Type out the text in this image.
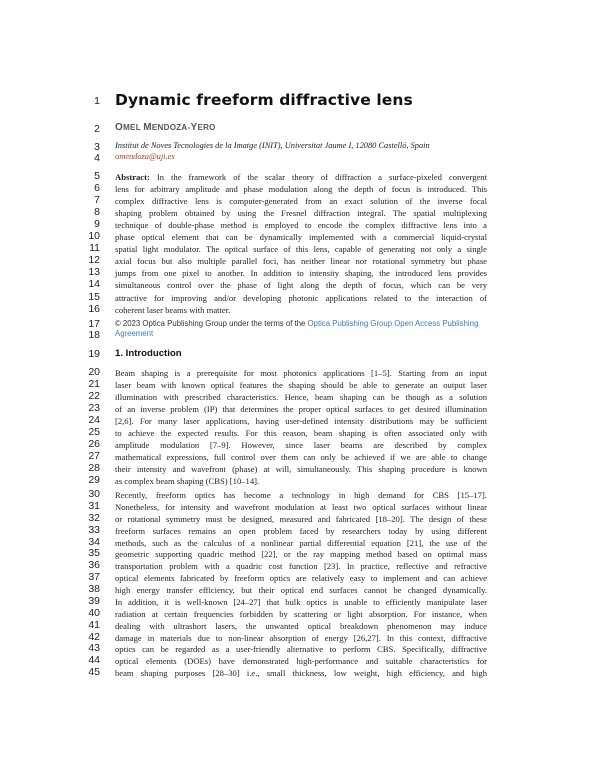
1 Dynamic freeform diffractive lens
2 OMEL MENDOZA-YERO
3 Institut de Noves Tecnologies de la Imatge (INIT), Universitat Jaume I, 12080 Castelló, Spain
4 omendoza@uji.es
5 Abstract: In the framework of the scalar theory of diffraction a surface-pixeled convergent
6 lens for arbitrary amplitude and phase modulation along the depth of focus is introduced. This
7 complex diffractive lens is computer-generated from an exact solution of the inverse focal
8 shaping problem obtained by using the Fresnel diffraction integral. The spatial multiplexing
9 technique of double-phase method is employed to encode the complex diffractive lens into a
10 phase optical element that can be dynamically implemented with a commercial liquid-crystal
11 spatial light modulator. The optical surface of this lens, capable of generating not only a single
12 axial focus but also multiple parallel foci, has neither linear nor rotational symmetry but phase
13 jumps from one pixel to another. In addition to intensity shaping, the introduced lens provides
14 simultaneous control over the phase of light along the depth of focus, which can be very
15 attractive for improving and/or developing photonic applications related to the interaction of
16 coherent laser beams with matter.
17 © 2023 Optica Publishing Group under the terms of the Optica Publishing Group Open Access Publishing
18 Agreement
19 1. Introduction
20 Beam shaping is a prerequisite for most photonics applications [1–5]. Starting from an input
21 laser beam with known optical features the shaping should be able to generate an output laser
22 illumination with prescribed characteristics. Hence, beam shaping can be though as a solution
23 of an inverse problem (IP) that determines the proper optical surfaces to get desired illumination
24 [2,6]. For many laser applications, having user-defined intensity distributions may be sufficient
25 to achieve the expected results. For this reason, beam shaping is often associated only with
26 amplitude modulation [7–9]. However, since laser beams are described by complex
27 mathematical expressions, full control over them can only be achieved if we are able to change
28 their intensity and wavefront (phase) at will, simultaneously. This shaping procedure is known
29 as complex beam shaping (CBS) [10–14].
30 Recently, freeform optics has become a technology in high demand for CBS [15–17].
31 Nonetheless, for intensity and wavefront modulation at least two optical surfaces without linear
32 or rotational symmetry must be designed, measured and fabricated [18–20]. The design of these
33 freeform surfaces remains an open problem faced by researchers today by using different
34 methods, such as the calculus of a nonlinear partial differential equation [21], the use of the
35 geometric supporting quadric method [22], or the ray mapping method based on optimal mass
36 transportation problem with a quadric cost function [23]. In practice, reflective and refractive
37 optical elements fabricated by freeform optics are relatively easy to implement and can achieve
38 high energy transfer efficiency, but their optical end surfaces cannot be changed dynamically.
39 In addition, it is well-known [24–27] that bulk optics is unable to efficiently manipulate laser
40 radiation at certain frequencies forbidden by scattering or light absorption. For instance, when
41 dealing with ultrashort lasers, the unwanted optical breakdown phenomenon may induce
42 damage in materials due to non-linear absorption of energy [26,27]. In this context, diffractive
43 optics can be regarded as a user-friendly alternative to perform CBS. Specifically, diffractive
44 optical elements (DOEs) have demonstrated high-performance and suitable characteristics for
45 beam shaping purposes [28–30] i.e., small thickness, low weight, high efficiency, and high
